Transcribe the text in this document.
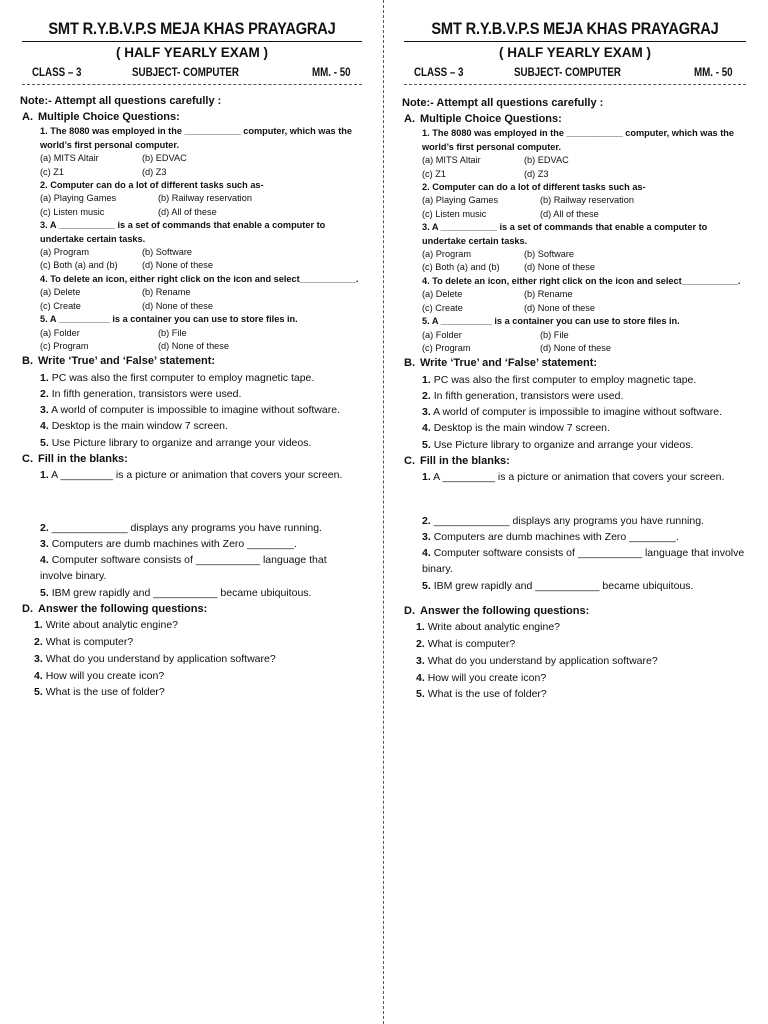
SMT R.Y.B.V.P.S MEJA KHAS PRAYAGRAJ
( HALF YEARLY EXAM )
CLASS – 3	SUBJECT- COMPUTER	MM. - 50
Note:- Attempt all questions carefully :
A. Multiple Choice Questions:
1. The 8080 was employed in the ___________ computer, which was the world’s first personal computer.
(a) MITS Altair	(b) EDVAC
(c) Z1	(d) Z3
2. Computer can do a lot of different tasks such as-
(a) Playing Games	(b) Railway reservation
(c) Listen music	(d) All of these
3. A ___________ is a set of commands that enable a computer to undertake certain tasks.
(a) Program	(b) Software
(c) Both (a) and (b)	(d) None of these
4. To delete an icon, either right click on the icon and select___________.
(a) Delete	(b) Rename
(c) Create	(d) None of these
5. A __________ is a container you can use to store files in.
(a) Folder	(b) File
(c) Program	(d) None of these
B. Write ‘True’ and ‘False’ statement:
1. PC was also the first computer to employ magnetic tape.
2. In fifth generation, transistors were used.
3. A world of computer is impossible to imagine without software.
4. Desktop is the main window 7 screen.
5. Use Picture library to organize and arrange your videos.
C. Fill in the blanks:
1. A _________ is a picture or animation that covers your screen.
2. _____________ displays any programs you have running.
3. Computers are dumb machines with Zero ________.
4. Computer software consists of ___________ language that involve binary.
5. IBM grew rapidly and ___________ became ubiquitous.
D. Answer the following questions:
1. Write about analytic engine?
2. What is computer?
3. What do you understand by application software?
4. How will you create icon?
5. What is the use of folder?
SMT R.Y.B.V.P.S MEJA KHAS PRAYAGRAJ
( HALF YEARLY EXAM )
CLASS – 3	SUBJECT- COMPUTER	MM. - 50
Note:- Attempt all questions carefully :
A. Multiple Choice Questions:
1. The 8080 was employed in the ___________ computer, which was the world’s first personal computer.
(a) MITS Altair	(b) EDVAC
(c) Z1	(d) Z3
2. Computer can do a lot of different tasks such as-
(a) Playing Games	(b) Railway reservation
(c) Listen music	(d) All of these
3. A ___________ is a set of commands that enable a computer to undertake certain tasks.
(a) Program	(b) Software
(c) Both (a) and (b)	(d) None of these
4. To delete an icon, either right click on the icon and select___________.
(a) Delete	(b) Rename
(c) Create	(d) None of these
5. A __________ is a container you can use to store files in.
(a) Folder	(b) File
(c) Program	(d) None of these
B. Write ‘True’ and ‘False’ statement:
1. PC was also the first computer to employ magnetic tape.
2. In fifth generation, transistors were used.
3. A world of computer is impossible to imagine without software.
4. Desktop is the main window 7 screen.
5. Use Picture library to organize and arrange your videos.
C. Fill in the blanks:
1. A _________ is a picture or animation that covers your screen.
2. _____________ displays any programs you have running.
3. Computers are dumb machines with Zero ________.
4. Computer software consists of ___________ language that involve binary.
5. IBM grew rapidly and ___________ became ubiquitous.
D. Answer the following questions:
1. Write about analytic engine?
2. What is computer?
3. What do you understand by application software?
4. How will you create icon?
5. What is the use of folder?
